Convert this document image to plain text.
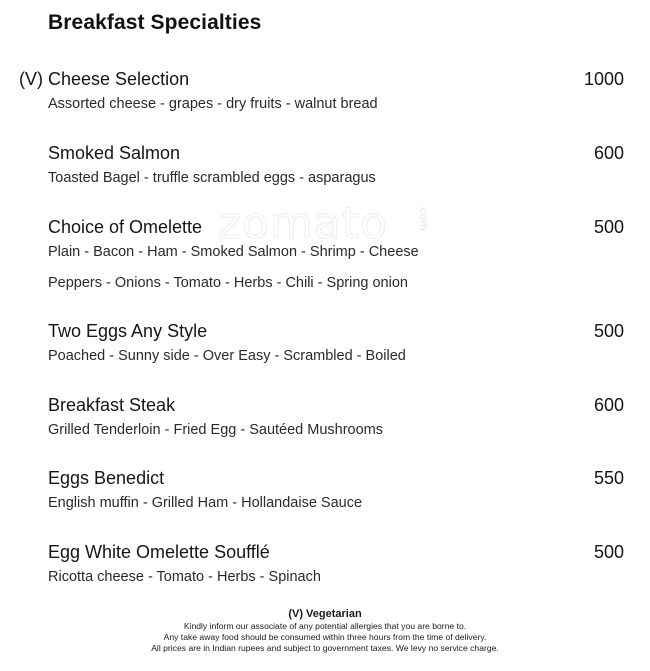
Breakfast Specialties
zomato	.com
(V) Cheese Selection	1000
Assorted cheese - grapes - dry fruits - walnut bread
Smoked Salmon	600
Toasted Bagel - truffle scrambled eggs - asparagus
Choice of Omelette	500
Plain - Bacon - Ham - Smoked Salmon - Shrimp - Cheese
Peppers - Onions - Tomato - Herbs - Chili - Spring onion
Two Eggs Any Style	500
Poached - Sunny side - Over Easy - Scrambled - Boiled
Breakfast Steak	600
Grilled Tenderloin - Fried Egg - Sautéed Mushrooms
Eggs Benedict	550
English muffin - Grilled Ham - Hollandaise Sauce
Egg White Omelette Soufflé	500
Ricotta cheese - Tomato - Herbs - Spinach
(V) Vegetarian
Kindly inform our associate of any potential allergies that you are borne to.
Any take away food should be consumed within three hours from the time of delivery.
All prices are in Indian rupees and subject to government taxes. We levy no service charge.
